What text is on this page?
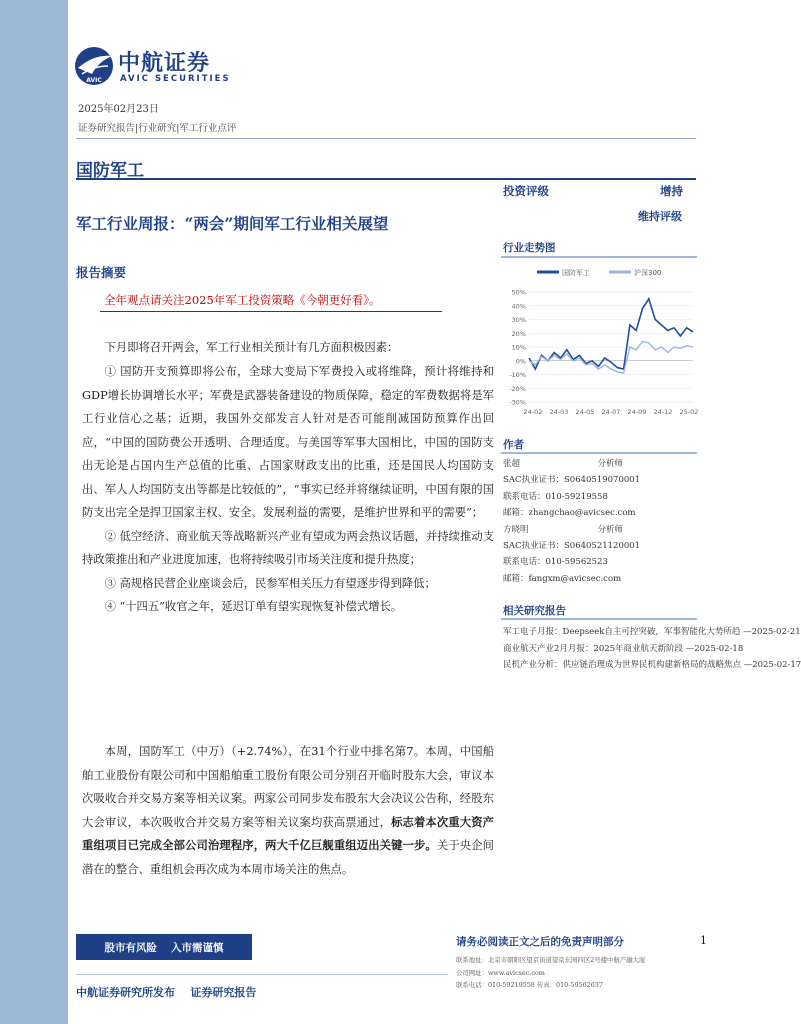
AVIC
中航证券
AVIC SECURITIES
2025年02月23日
证券研究报告|行业研究|军工行业点评
国防军工
军工行业周报：“两会”期间军工行业相关展望
报告摘要
全年观点请关注2025年军工投资策略《今朝更好看》。
下月即将召开两会，军工行业相关预计有几方面积极因素：

① 国防开支预算即将公布，全球大变局下军费投入或将维降，预计将维持和GDP增长协调增长水平；军费是武器装备建设的物质保障，稳定的军费数据将是军工行业信心之基；近期，我国外交部发言人针对是否可能削减国防预算作出回应，“中国的国防费公开透明、合理适度。与美国等军事大国相比，中国的国防支出无论是占国内生产总值的比重、占国家财政支出的比重，还是国民人均国防支出、军人人均国防支出等都是比较低的”，“事实已经并将继续证明，中国有限的国防支出完全是捍卫国家主权、安全、发展利益的需要，是维护世界和平的需要”；

② 低空经济、商业航天等战略新兴产业有望成为两会热议话题，并持续推动支持政策推出和产业进度加速，也将持续吸引市场关注度和提升热度；

③ 高规格民营企业座谈会后，民参军相关压力有望逐步得到降低；

④ “十四五”收官之年，延迟订单有望实现恢复补偿式增长。

本周，国防军工（中万）（+2.74%），在31个行业中排名第7。本周，中国船舶工业股份有限公司和中国船舶重工股份有限公司分别召开临时股东大会，审议本次吸收合并交易方案等相关议案。两家公司同步发布股东大会决议公告称，经股东大会审议，本次吸收合并交易方案等相关议案均获高票通过，标志着本次重大资产重组项目已完成全部公司治理程序，两大千亿巨舰重组迈出关键一步。关于央企间潜在的整合、重组机会再次成为本周市场关注的焦点。
投资评级	增持
维持评级
行业走势图
国防军工	沪深300
-30%
-20%
-10%
0%
10%
20%
30%
40%
50%
24-02 24-03 24-05 24-07 24-09 24-12 25-02
作者
张超	分析师
SAC执业证书：S0640519070001
联系电话：010-59219558
邮箱：zhangchao@avicsec.com
方晓明	分析师
SAC执业证书：S0640521120001
联系电话：010-59562523
邮箱：fangxm@avicsec.com
相关研究报告
军工电子月报：Deepseek自主可控突破，军事智能化大势所趋 —2025-02-21
商业航天产业2月月报：2025年商业航天新阶段 —2025-02-18
民机产业分析：供应链治理成为世界民机构建新格局的战略焦点 —2025-02-17
股市有风险 入市需谨慎	请务必阅读正文之后的免责声明部分	1
联系地址：北京市朝阳区望京街道望京东园四区2号楼中航产融大厦
公司网址：www.avicsec.com
联系电话：010-59219558 传真：010-59562637
中航证券研究所发布 证券研究报告
